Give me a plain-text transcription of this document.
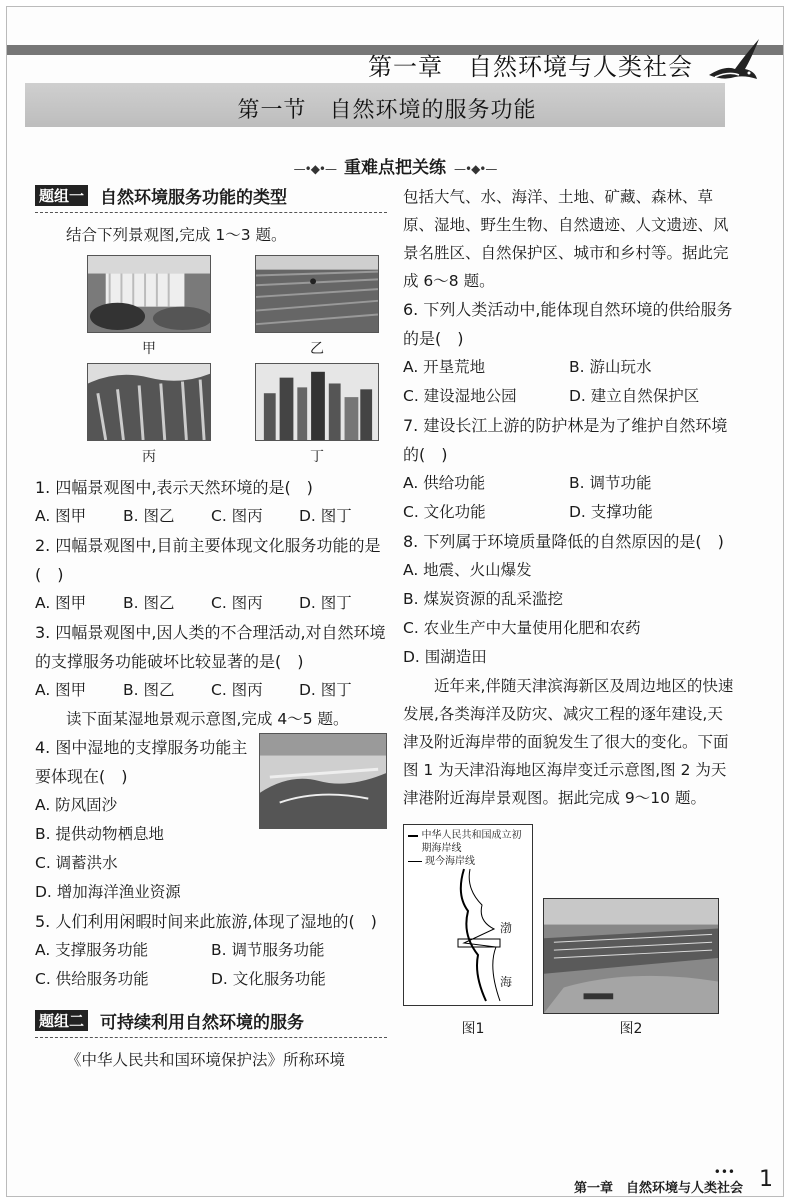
第一章　自然环境与人类社会
第一节　自然环境的服务功能
—•◆•— 重难点把关练 —•◆•—
题组一 自然环境服务功能的类型
结合下列景观图,完成 1～3 题。
甲	乙
丙	丁
1. 四幅景观图中,表示天然环境的是(　)
A. 图甲	B. 图乙	C. 图丙	D. 图丁
2. 四幅景观图中,目前主要体现文化服务功能的是(　)
A. 图甲	B. 图乙	C. 图丙	D. 图丁
3. 四幅景观图中,因人类的不合理活动,对自然环境的支撑服务功能破坏比较显著的是(　)
A. 图甲	B. 图乙	C. 图丙	D. 图丁
读下面某湿地景观示意图,完成 4～5 题。
4. 图中湿地的支撑服务功能主要体现在(　)
A. 防风固沙
B. 提供动物栖息地
C. 调蓄洪水
D. 增加海洋渔业资源
5. 人们利用闲暇时间来此旅游,体现了湿地的(　)
A. 支撑服务功能	B. 调节服务功能
C. 供给服务功能	D. 文化服务功能
题组二 可持续利用自然环境的服务
《中华人民共和国环境保护法》所称环境
包括大气、水、海洋、土地、矿藏、森林、草原、湿地、野生生物、自然遗迹、人文遗迹、风景名胜区、自然保护区、城市和乡村等。据此完成 6～8 题。
6. 下列人类活动中,能体现自然环境的供给服务的是(　)
A. 开垦荒地	B. 游山玩水
C. 建设湿地公园	D. 建立自然保护区
7. 建设长江上游的防护林是为了维护自然环境的(　)
A. 供给功能	B. 调节功能
C. 文化功能	D. 支撑功能
8. 下列属于环境质量降低的自然原因的是(　)
A. 地震、火山爆发
B. 煤炭资源的乱采滥挖
C. 农业生产中大量使用化肥和农药
D. 围湖造田
近年来,伴随天津滨海新区及周边地区的快速发展,各类海洋及防灾、减灾工程的逐年建设,天津及附近海岸带的面貌发生了很大的变化。下面图 1 为天津沿海地区海岸变迁示意图,图 2 为天津港附近海岸景观图。据此完成 9～10 题。
中华人民共和国成立初期海岸线
现今海岸线
渤
海
图1	图2
•••
第一章　自然环境与人类社会 1
